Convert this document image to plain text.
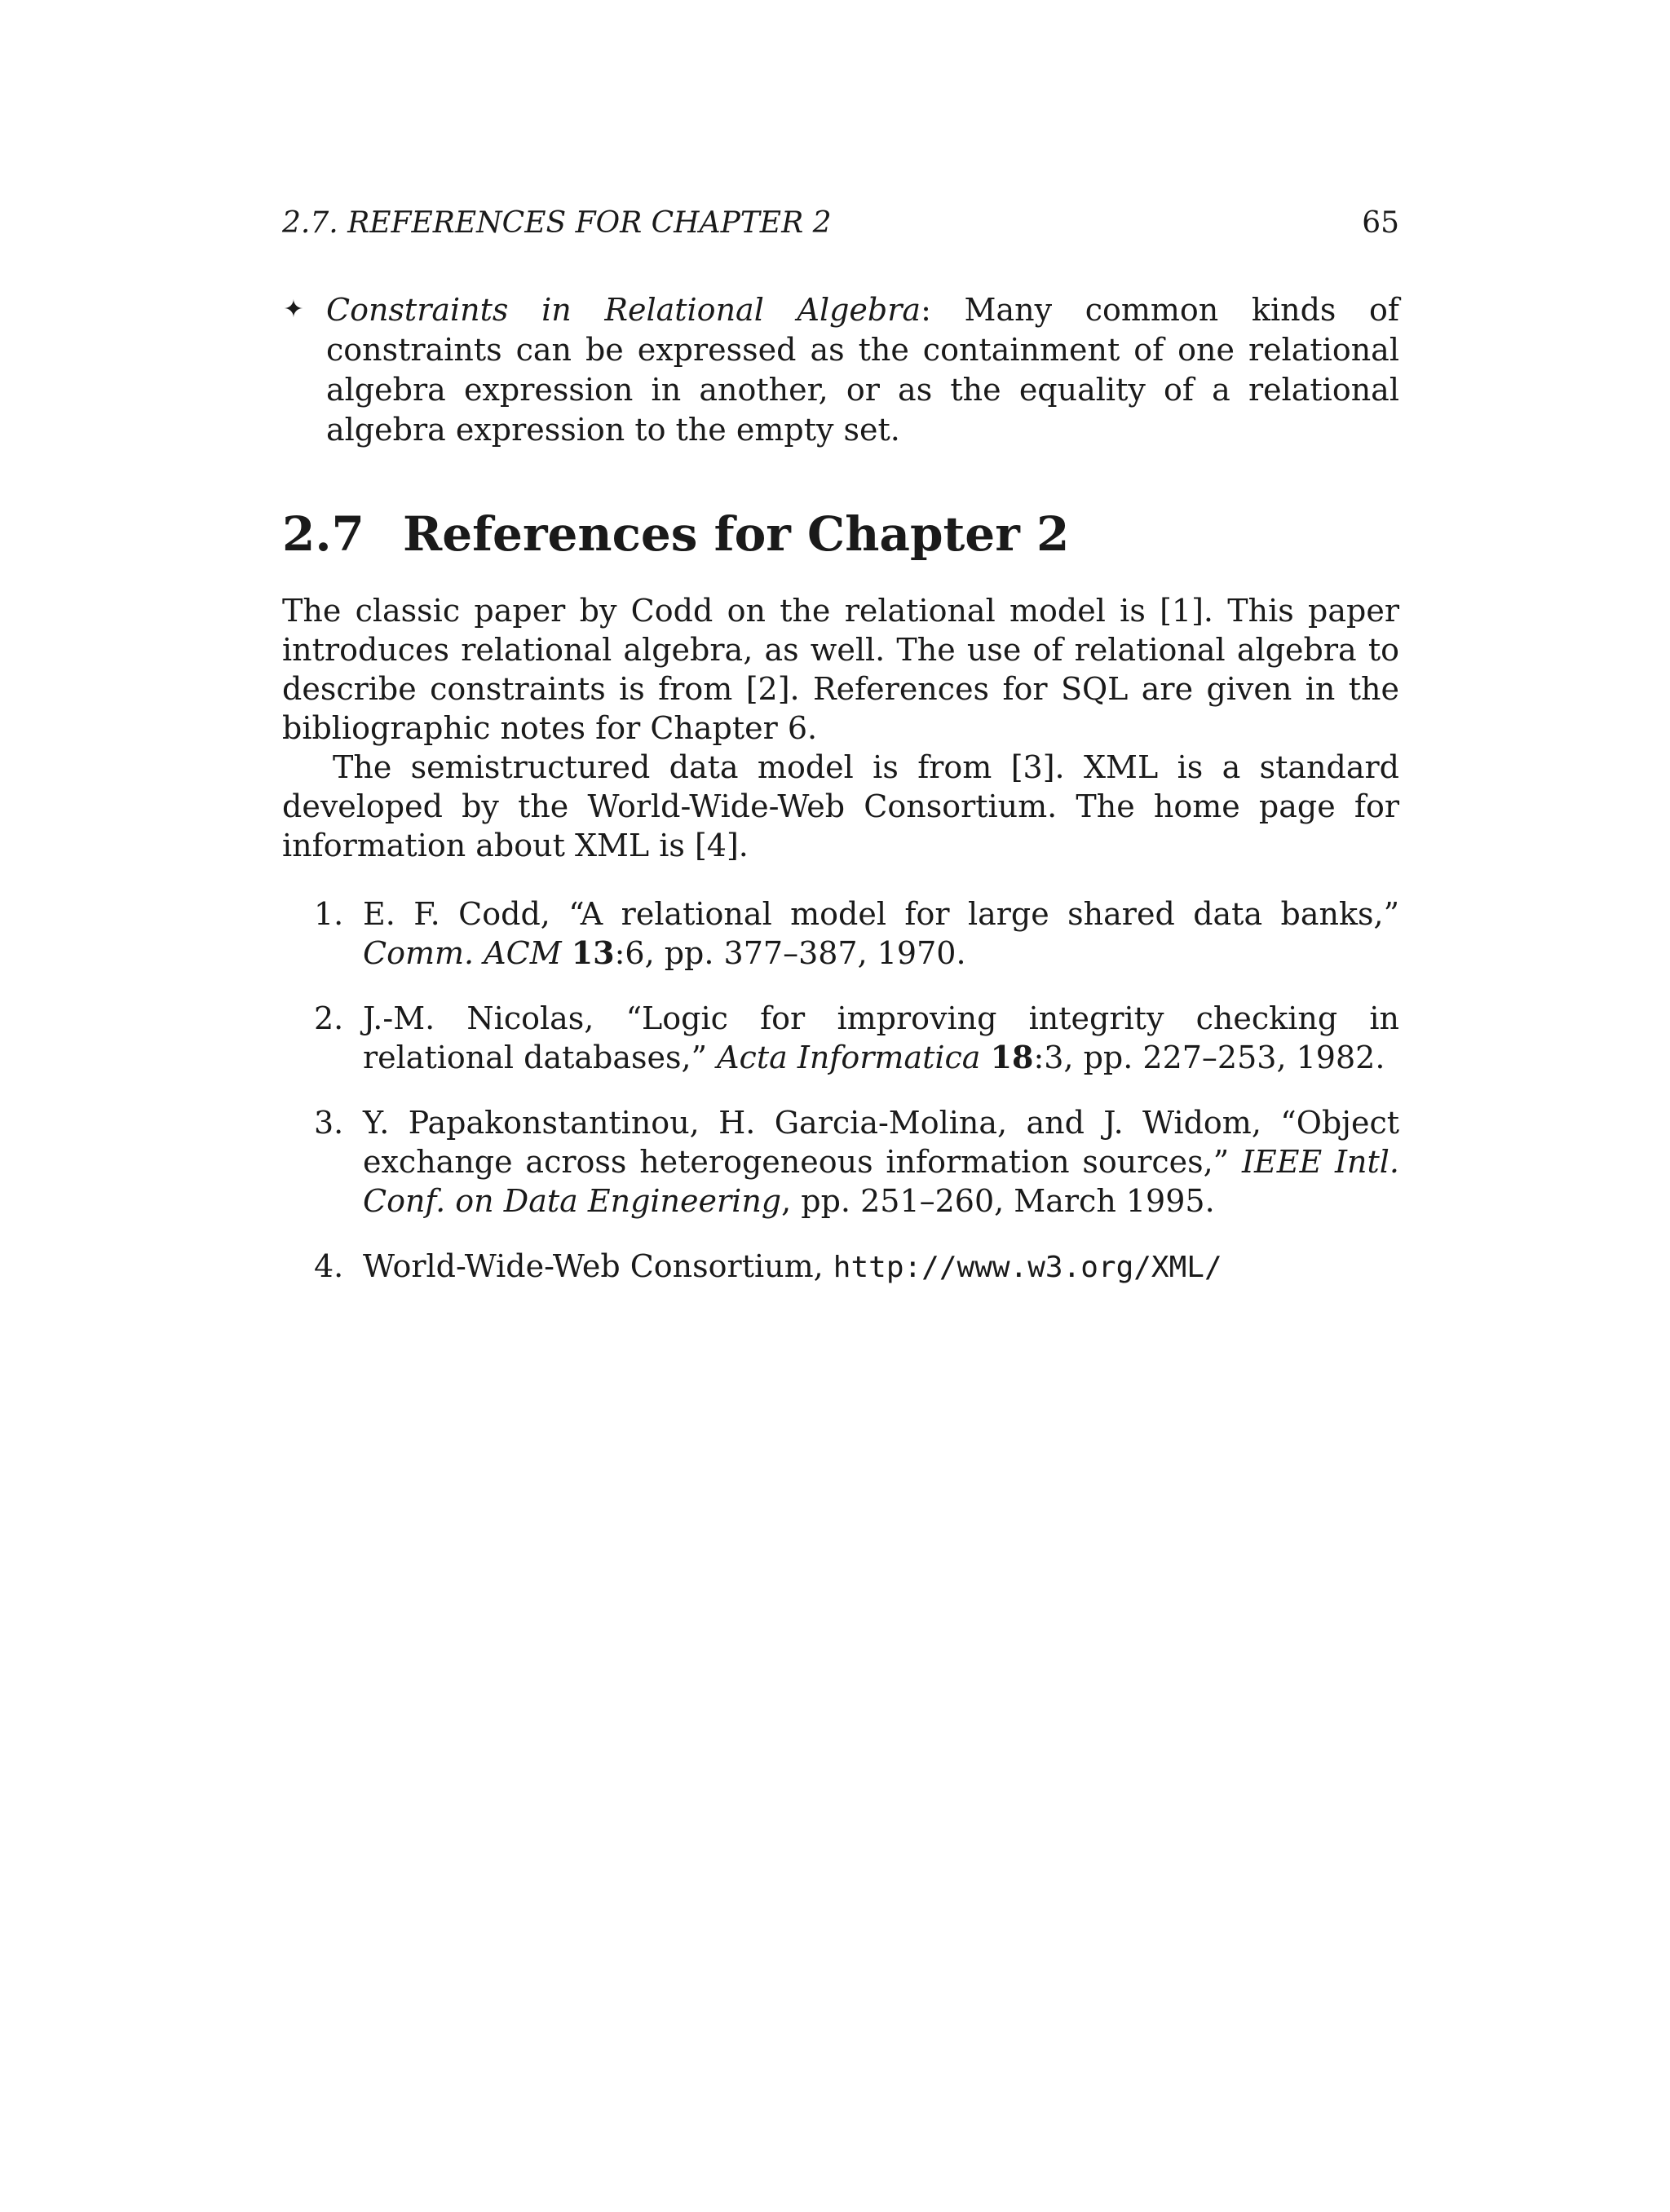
2.7. REFERENCES FOR CHAPTER 2	65
✦ Constraints in Relational Algebra: Many common kinds of constraints can be expressed as the containment of one relational algebra expression in another, or as the equality of a relational algebra expression to the empty set.
2.7 References for Chapter 2

The classic paper by Codd on the relational model is [1]. This paper introduces relational algebra, as well. The use of relational algebra to describe constraints is from [2]. References for SQL are given in the bibliographic notes for Chapter 6.

The semistructured data model is from [3]. XML is a standard developed by the World-Wide-Web Consortium. The home page for information about XML is [4].

1. E. F. Codd, “A relational model for large shared data banks,” Comm. ACM 13:6, pp. 377–387, 1970.
2. J.-M. Nicolas, “Logic for improving integrity checking in relational databases,” Acta Informatica 18:3, pp. 227–253, 1982.
3. Y. Papakonstantinou, H. Garcia-Molina, and J. Widom, “Object exchange across heterogeneous information sources,” IEEE Intl. Conf. on Data Engineering, pp. 251–260, March 1995.
4. World-Wide-Web Consortium, http://www.w3.org/XML/
